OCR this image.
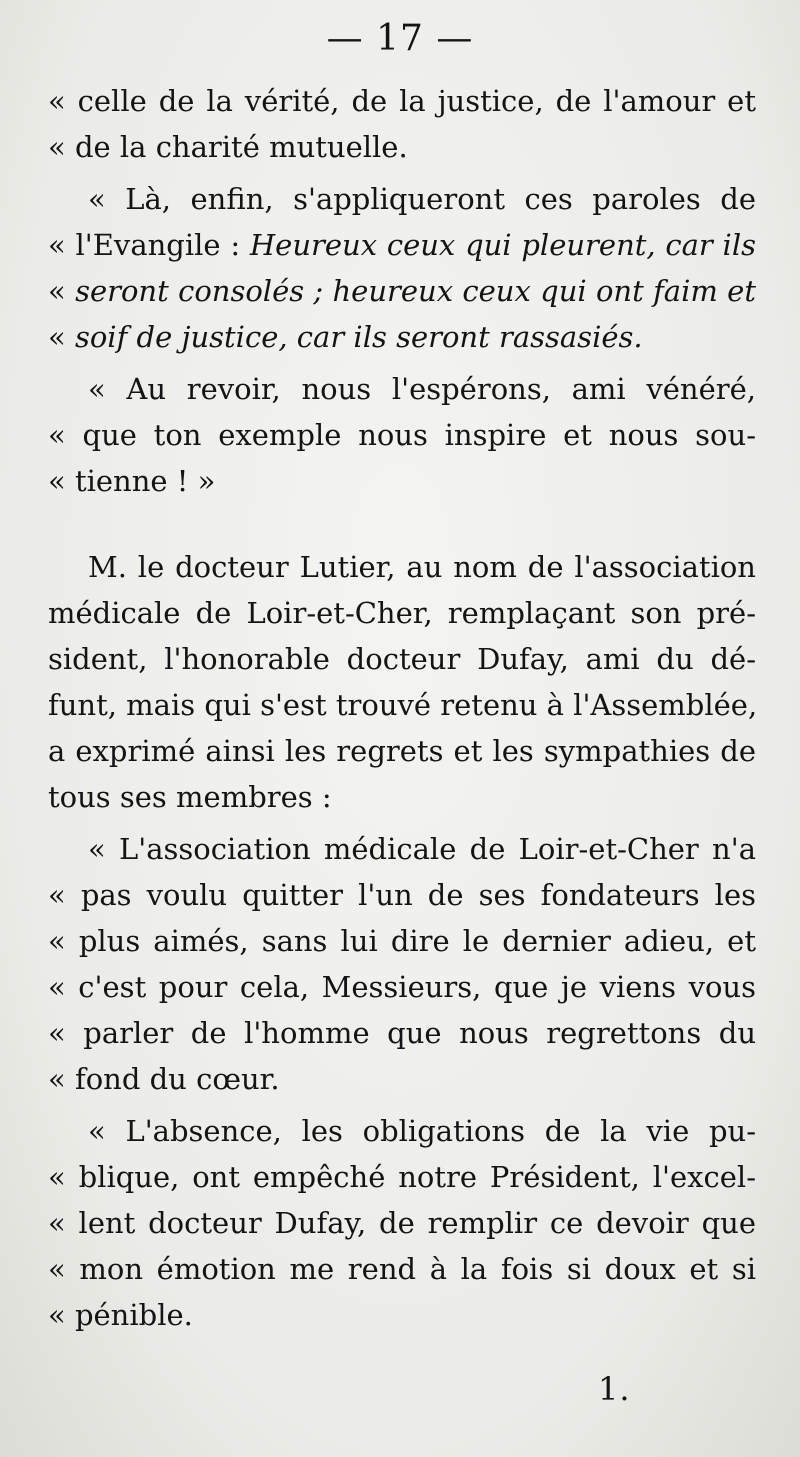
— 17 —
« celle de la vérité, de la justice, de l'amour et
« de la charité mutuelle.
« Là, enfin, s'appliqueront ces paroles de
« l'Evangile : Heureux ceux qui pleurent, car ils
« seront consolés ; heureux ceux qui ont faim et
« soif de justice, car ils seront rassasiés.
« Au revoir, nous l'espérons, ami vénéré,
« que ton exemple nous inspire et nous sou-
« tienne ! »
M. le docteur Lutier, au nom de l'association
médicale de Loir-et-Cher, remplaçant son pré-
sident, l'honorable docteur Dufay, ami du dé-
funt, mais qui s'est trouvé retenu à l'Assemblée,
a exprimé ainsi les regrets et les sympathies de
tous ses membres :
« L'association médicale de Loir-et-Cher n'a
« pas voulu quitter l'un de ses fondateurs les
« plus aimés, sans lui dire le dernier adieu, et
« c'est pour cela, Messieurs, que je viens vous
« parler de l'homme que nous regrettons du
« fond du cœur.
« L'absence, les obligations de la vie pu-
« blique, ont empêché notre Président, l'excel-
« lent docteur Dufay, de remplir ce devoir que
« mon émotion me rend à la fois si doux et si
« pénible.
1.
